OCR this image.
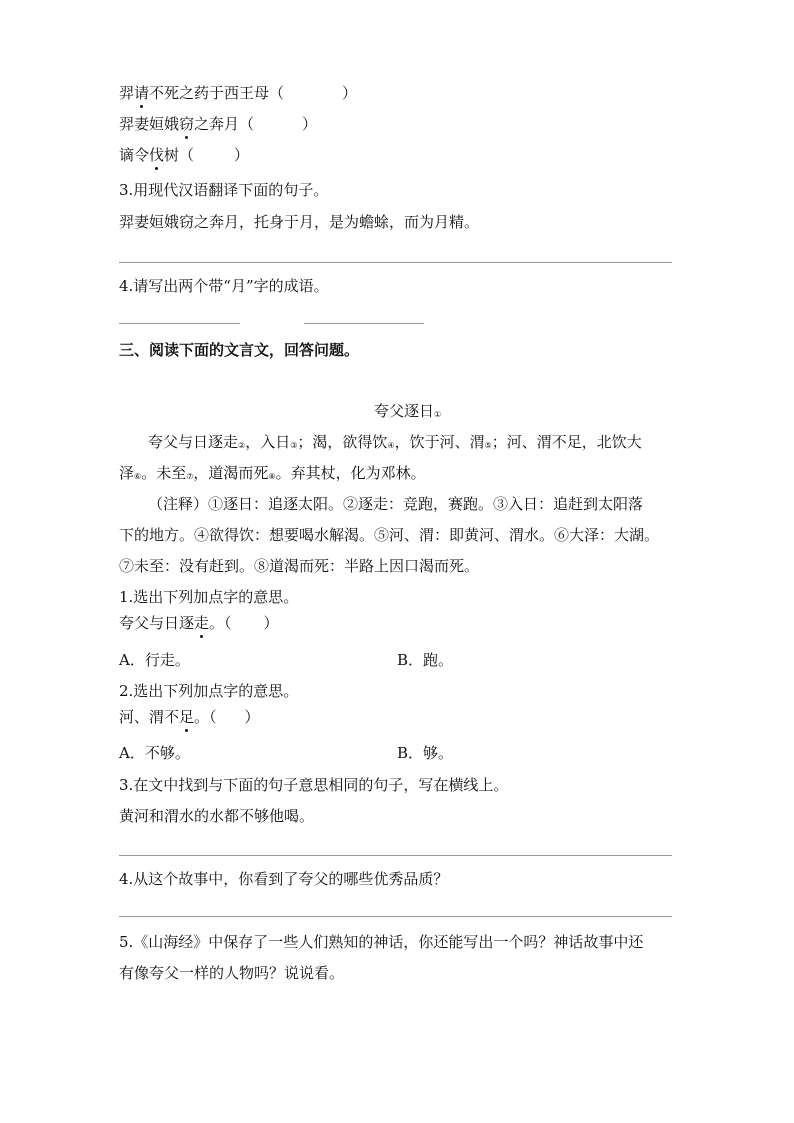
羿请不死之药于西王母（	）
羿妻姮娥窃之奔月（	）
谪令伐树（	）
3.用现代汉语翻译下面的句子。
羿妻姮娥窃之奔月，托身于月，是为蟾蜍，而为月精。
4.请写出两个带“月”字的成语。
三、阅读下面的文言文，回答问题。
夸父逐日$_①$
夸父与日逐走$_②$，入日$_③$；渴，欲得饮$_④$，饮于河、渭$_⑤$；河、渭不足，北饮大
泽$_⑥$。未至$_⑦$，道渴而死$_⑧$。弃其杖，化为邓林。
（注释）①逐日：追逐太阳。②逐走：竞跑，赛跑。③入日：追赶到太阳落
下的地方。④欲得饮：想要喝水解渴。⑤河、渭：即黄河、渭水。⑥大泽：大湖。
⑦未至：没有赶到。⑧道渴而死：半路上因口渴而死。
1.选出下列加点字的意思。
夸父与日逐走。（ ）
A．行走。	B．跑。
2.选出下列加点字的意思。
河、渭不足。（ ）
A．不够。	B．够。
3.在文中找到与下面的句子意思相同的句子，写在横线上。
黄河和渭水的水都不够他喝。
4.从这个故事中，你看到了夸父的哪些优秀品质？
5.《山海经》中保存了一些人们熟知的神话，你还能写出一个吗？神话故事中还
有像夸父一样的人物吗？说说看。
